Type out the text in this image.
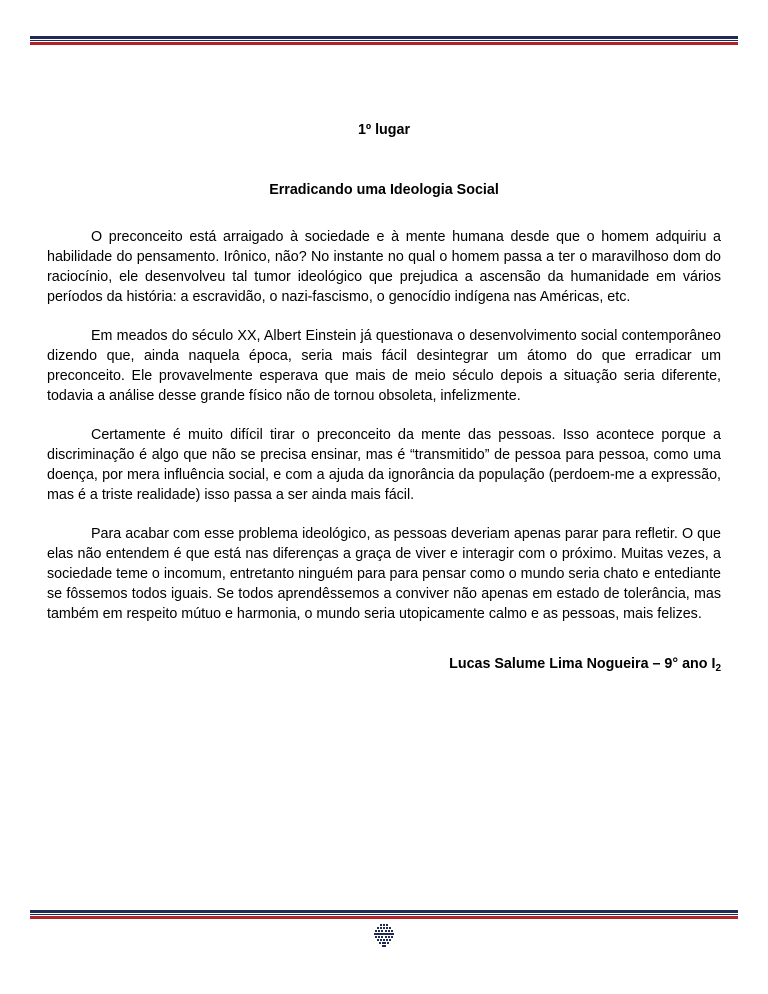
1º lugar

Erradicando uma Ideologia Social

O preconceito está arraigado à sociedade e à mente humana desde que o homem adquiriu a habilidade do pensamento. Irônico, não? No instante no qual o homem passa a ter o maravilhoso dom do raciocínio, ele desenvolveu tal tumor ideológico que prejudica a ascensão da humanidade em vários períodos da história: a escravidão, o nazi-fascismo, o genocídio indígena nas Américas, etc.

Em meados do século XX, Albert Einstein já questionava o desenvolvimento social contemporâneo dizendo que, ainda naquela época, seria mais fácil desintegrar um átomo do que erradicar um preconceito. Ele provavelmente esperava que mais de meio século depois a situação seria diferente, todavia a análise desse grande físico não de tornou obsoleta, infelizmente.

Certamente é muito difícil tirar o preconceito da mente das pessoas. Isso acontece porque a discriminação é algo que não se precisa ensinar, mas é “transmitido” de pessoa para pessoa, como uma doença, por mera influência social, e com a ajuda da ignorância da população (perdoem-me a expressão, mas é a triste realidade) isso passa a ser ainda mais fácil.

Para acabar com esse problema ideológico, as pessoas deveriam apenas parar para refletir. O que elas não entendem é que está nas diferenças a graça de viver e interagir com o próximo. Muitas vezes, a sociedade teme o incomum, entretanto ninguém para para pensar como o mundo seria chato e entediante se fôssemos todos iguais. Se todos aprendêssemos a conviver não apenas em estado de tolerância, mas também em respeito mútuo e harmonia, o mundo seria utopicamente calmo e as pessoas, mais felizes.

Lucas Salume Lima Nogueira – 9° ano $I_2$
